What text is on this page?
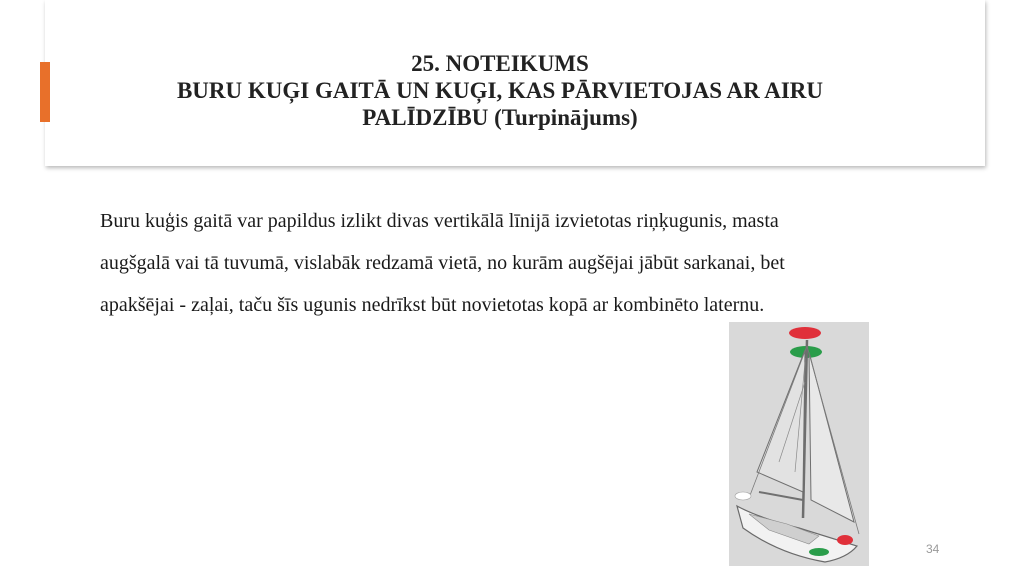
25. NOTEIKUMS
BURU KUĢI GAITĀ UN KUĢI, KAS PĀRVIETOJAS AR AIRU
PALĪDZĪBU (Turpinājums)
Buru kuģis gaitā var papildus izlikt divas vertikālā līnijā izvietotas riņķugunis, masta
augšgalā vai tā tuvumā, vislabāk redzamā vietā, no kurām augšējai jābūt sarkanai, bet
apakšējai - zaļai, taču šīs ugunis nedrīkst būt novietotas kopā ar kombinēto laternu.
34
